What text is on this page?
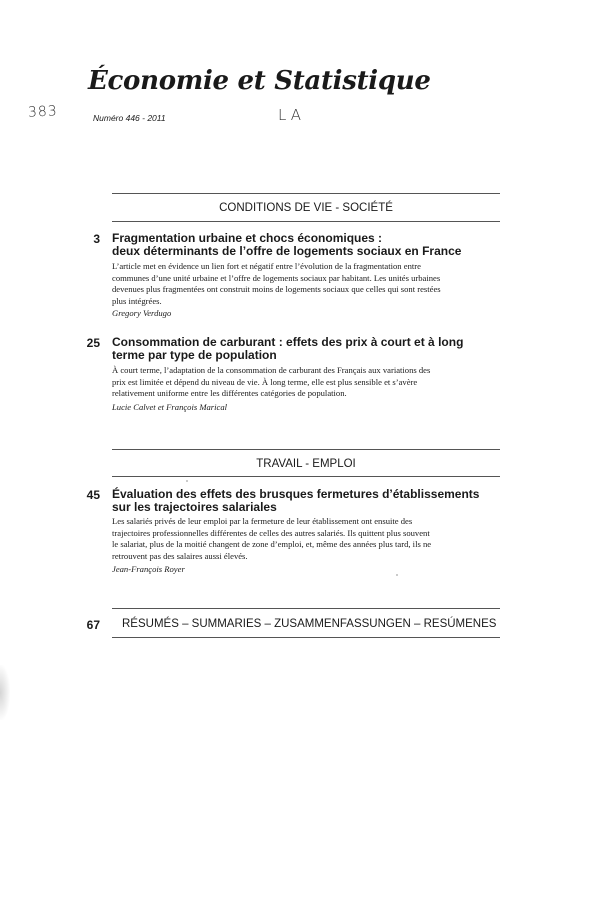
Économie et Statistique
383	Numéro 446 - 2011	LA
CONDITIONS DE VIE - SOCIÉTÉ
3 Fragmentation urbaine et chocs économiques :
deux déterminants de l’offre de logements sociaux en France
L’article met en évidence un lien fort et négatif entre l’évolution de la fragmentation entre
communes d’une unité urbaine et l’offre de logements sociaux par habitant. Les unités urbaines
devenues plus fragmentées ont construit moins de logements sociaux que celles qui sont restées
plus intégrées.
Gregory Verdugo
25 Consommation de carburant : effets des prix à court et à long
terme par type de population
À court terme, l’adaptation de la consommation de carburant des Français aux variations des
prix est limitée et dépend du niveau de vie. À long terme, elle est plus sensible et s’avère
relativement uniforme entre les différentes catégories de population.
Lucie Calvet et François Marical
TRAVAIL - EMPLOI
45 Évaluation des effets des brusques fermetures d’établissements
sur les trajectoires salariales
Les salariés privés de leur emploi par la fermeture de leur établissement ont ensuite des
trajectoires professionnelles différentes de celles des autres salariés. Ils quittent plus souvent
le salariat, plus de la moitié changent de zone d’emploi, et, même des années plus tard, ils ne
retrouvent pas des salaires aussi élevés.
Jean-François Royer
67 RÉSUMÉS – SUMMARIES – ZUSAMMENFASSUNGEN – RESÚMENES
